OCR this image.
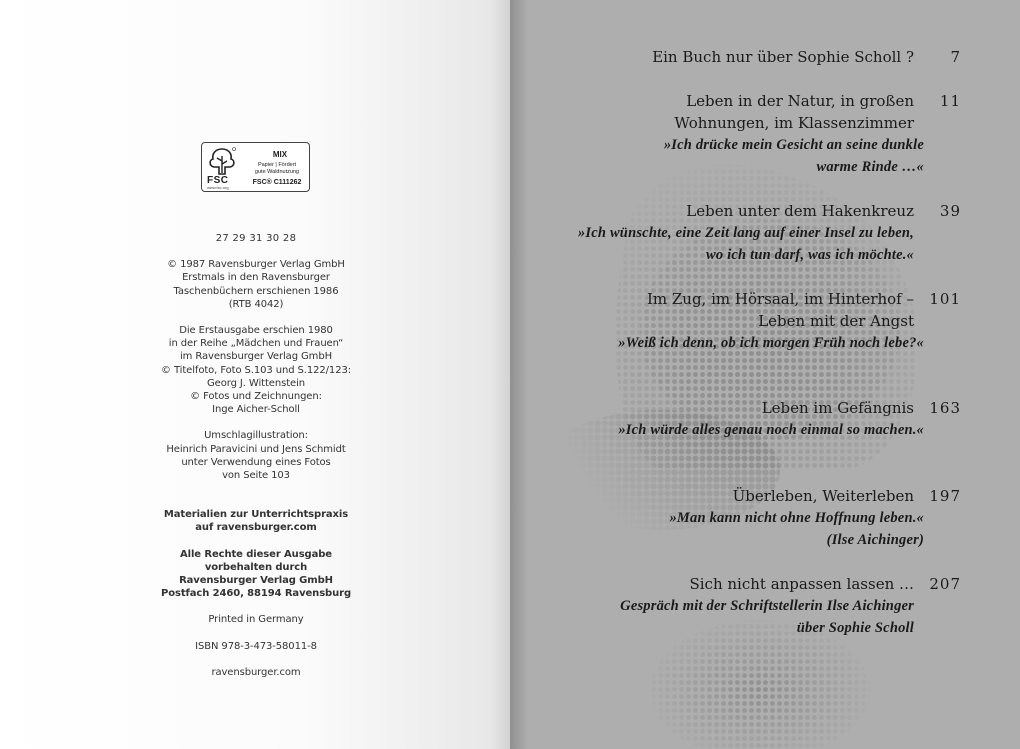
FSC
www.fsc.org
MIX
Papier | Fördert
gute Waldnutzung
FSC® C111262

27 29 31 30 28

© 1987 Ravensburger Verlag GmbH
Erstmals in den Ravensburger
Taschenbüchern erschienen 1986
(RTB 4042)

Die Erstausgabe erschien 1980
in der Reihe „Mädchen und Frauen“
im Ravensburger Verlag GmbH
© Titelfoto, Foto S.103 und S.122/123:
Georg J. Wittenstein
© Fotos und Zeichnungen:
Inge Aicher-Scholl

Umschlagillustration:
Heinrich Paravicini und Jens Schmidt
unter Verwendung eines Fotos
von Seite 103

Materialien zur Unterrichtspraxis
auf ravensburger.com

Alle Rechte dieser Ausgabe
vorbehalten durch
Ravensburger Verlag GmbH
Postfach 2460, 88194 Ravensburg

Printed in Germany

ISBN 978-3-473-58011-8

ravensburger.com

Ein Buch nur über Sophie Scholl ?	7
Leben in der Natur, in großen
Wohnungen, im Klassenzimmer
»Ich drücke mein Gesicht an seine dunkle
warme Rinde …«
11
Leben unter dem Hakenkreuz
»Ich wünschte, eine Zeit lang auf einer Insel zu leben,
wo ich tun darf, was ich möchte.«
39
Im Zug, im Hörsaal, im Hinterhof –
Leben mit der Angst
»Weiß ich denn, ob ich morgen Früh noch lebe?«
101
Leben im Gefängnis
»Ich würde alles genau noch einmal so machen.«
163
Überleben, Weiterleben
»Man kann nicht ohne Hoffnung leben.«
(Ilse Aichinger)
197
Sich nicht anpassen lassen …
Gespräch mit der Schriftstellerin Ilse Aichinger
über Sophie Scholl
207
